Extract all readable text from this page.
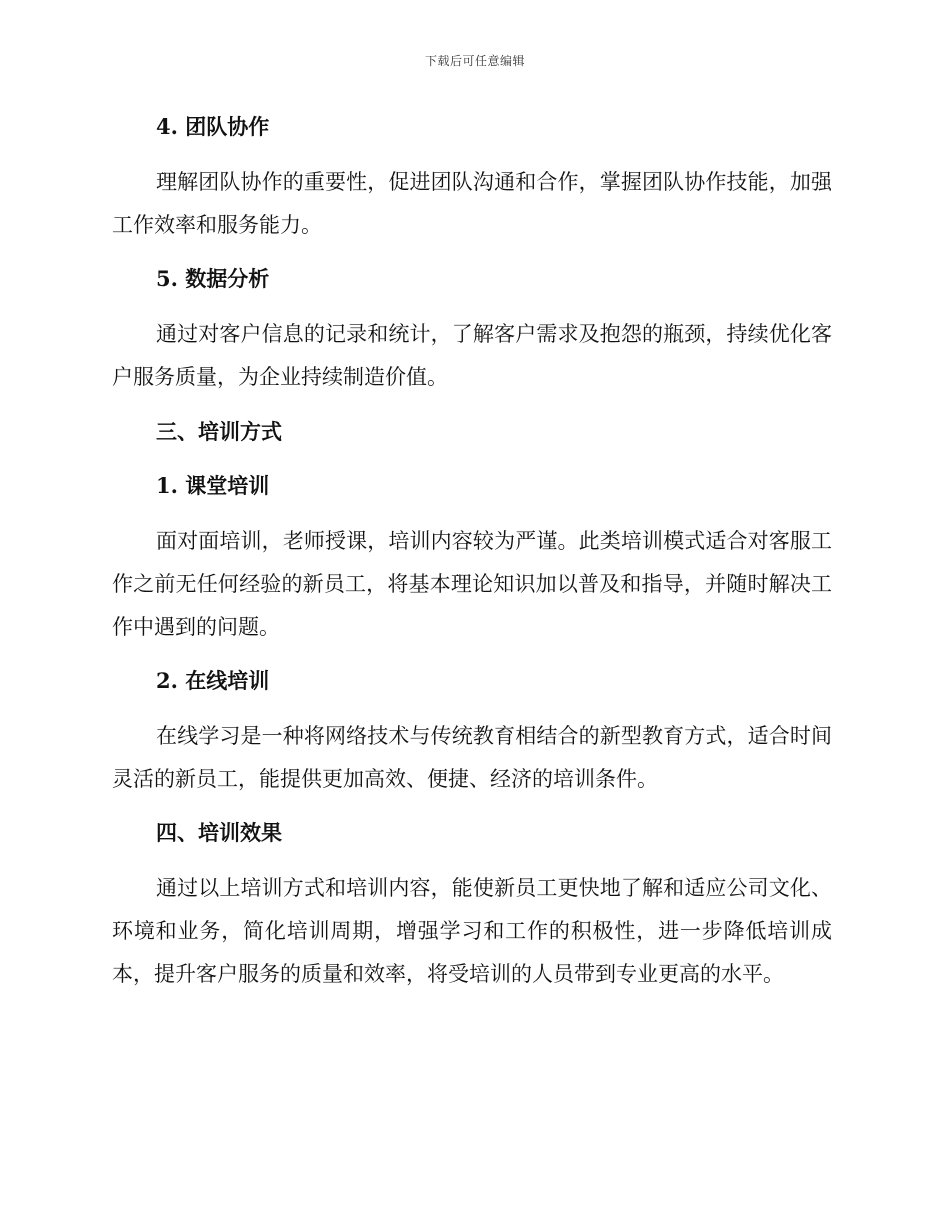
下载后可任意编辑
4. 团队协作

理解团队协作的重要性，促进团队沟通和合作，掌握团队协作技能，加强工作效率和服务能力。

5. 数据分析

通过对客户信息的记录和统计，了解客户需求及抱怨的瓶颈，持续优化客户服务质量，为企业持续制造价值。

三、培训方式
1. 课堂培训

面对面培训，老师授课，培训内容较为严谨。此类培训模式适合对客服工作之前无任何经验的新员工，将基本理论知识加以普及和指导，并随时解决工作中遇到的问题。

2. 在线培训

在线学习是一种将网络技术与传统教育相结合的新型教育方式，适合时间灵活的新员工，能提供更加高效、便捷、经济的培训条件。

四、培训效果

通过以上培训方式和培训内容，能使新员工更快地了解和适应公司文化、环境和业务，简化培训周期，增强学习和工作的积极性，进一步降低培训成本，提升客户服务的质量和效率，将受培训的人员带到专业更高的水平。
